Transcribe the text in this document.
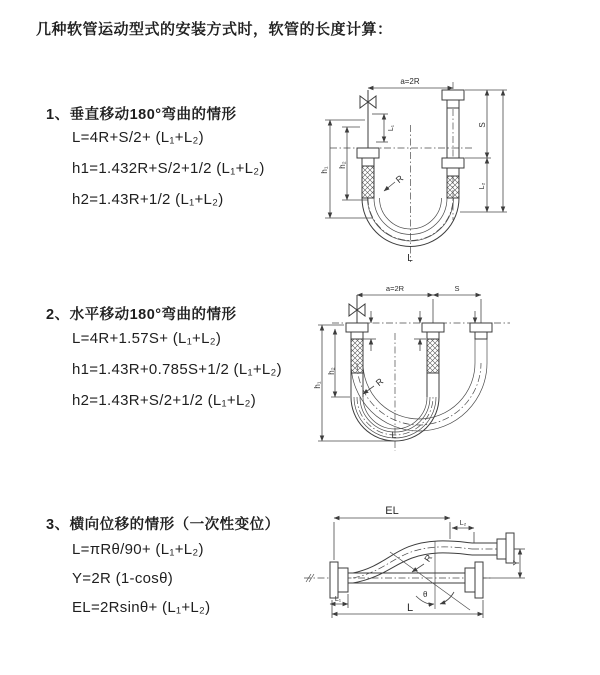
几种软管运动型式的安装方式时，软管的长度计算：
1、垂直移动180°弯曲的情形
L=4R+S/2+ (L₁+L₂)
h1=1.432R+S/2+1/2 (L₁+L₂)
h2=1.43R+1/2 (L₁+L₂)
a=2R
h₁
h₂
L₁	S
L₂
R
L
2、水平移动180°弯曲的情形
L=4R+1.57S+ (L₁+L₂)
h1=1.43R+0.785S+1/2 (L₁+L₂)
h2=1.43R+S/2+1/2 (L₁+L₂)
a=2R	S
h₁
h₂
R
L
3、横向位移的情形（一次性变位）
L=πRθ/90+ (L₁+L₂)
Y=2R (1-cosθ)
EL=2Rsinθ+ (L₁+L₂)
EL
L₂
Y
θ
R
L₁
L
